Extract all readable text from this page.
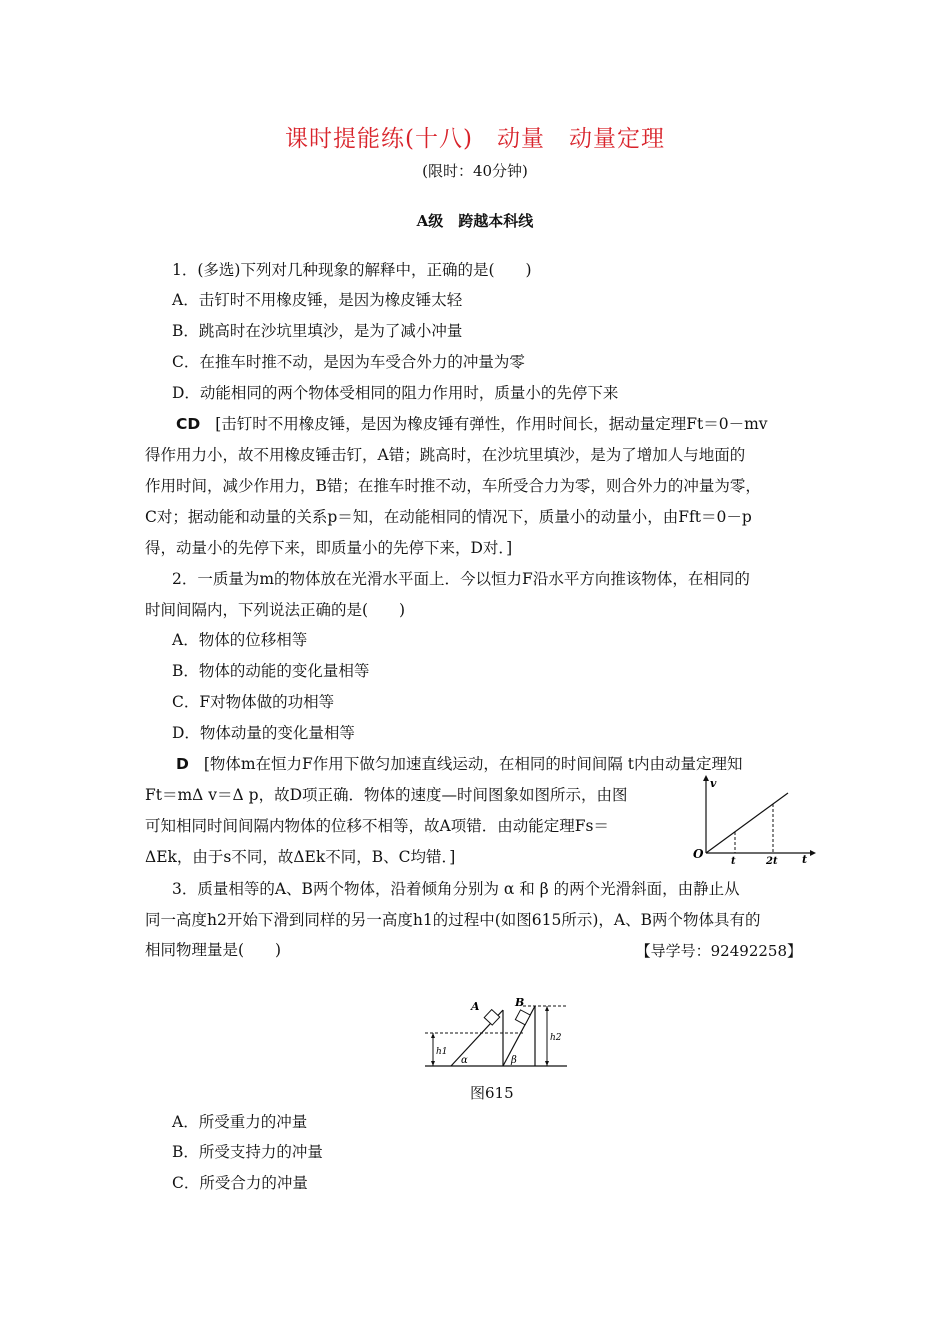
课时提能练(十八)　动量　动量定理
(限时：40分钟)
A级　跨越本科线
1．(多选)下列对几种现象的解释中，正确的是(　　)
A．击钉时不用橡皮锤，是因为橡皮锤太轻
B．跳高时在沙坑里填沙，是为了减小冲量
C．在推车时推不动，是因为车受合外力的冲量为零
D．动能相同的两个物体受相同的阻力作用时，质量小的先停下来
CD [击钉时不用橡皮锤，是因为橡皮锤有弹性，作用时间长，据动量定理Ft＝0－mv
得作用力小，故不用橡皮锤击钉，A错；跳高时，在沙坑里填沙，是为了增加人与地面的
作用时间，减少作用力，B错；在推车时推不动，车所受合力为零，则合外力的冲量为零，
C对；据动能和动量的关系p＝知，在动能相同的情况下，质量小的动量小，由Fft＝0－p
得，动量小的先停下来，即质量小的先停下来，D对．]
2．一质量为m的物体放在光滑水平面上．今以恒力F沿水平方向推该物体，在相同的
时间间隔内，下列说法正确的是(　　)
A．物体的位移相等
B．物体的动能的变化量相等
C．F对物体做的功相等
D．物体动量的变化量相等
D [物体m在恒力F作用下做匀加速直线运动，在相同的时间间隔 t内由动量定理知
Ft＝mΔ v＝Δ p，故D项正确．物体的速度—时间图象如图所示，由图
可知相同时间间隔内物体的位移不相等，故A项错．由动能定理Fs＝
ΔEk，由于s不同，故ΔEk不同，B、C均错．]
v
t
O
t	2t
3．质量相等的A、B两个物体，沿着倾角分别为 α 和 β 的两个光滑斜面，由静止从
同一高度h2开始下滑到同样的另一高度h1的过程中(如图615所示)，A、B两个物体具有的
相同物理量是(　　)	【导学号：92492258】
A	B
h1
h2
α	β
图615
A．所受重力的冲量
B．所受支持力的冲量
C．所受合力的冲量
